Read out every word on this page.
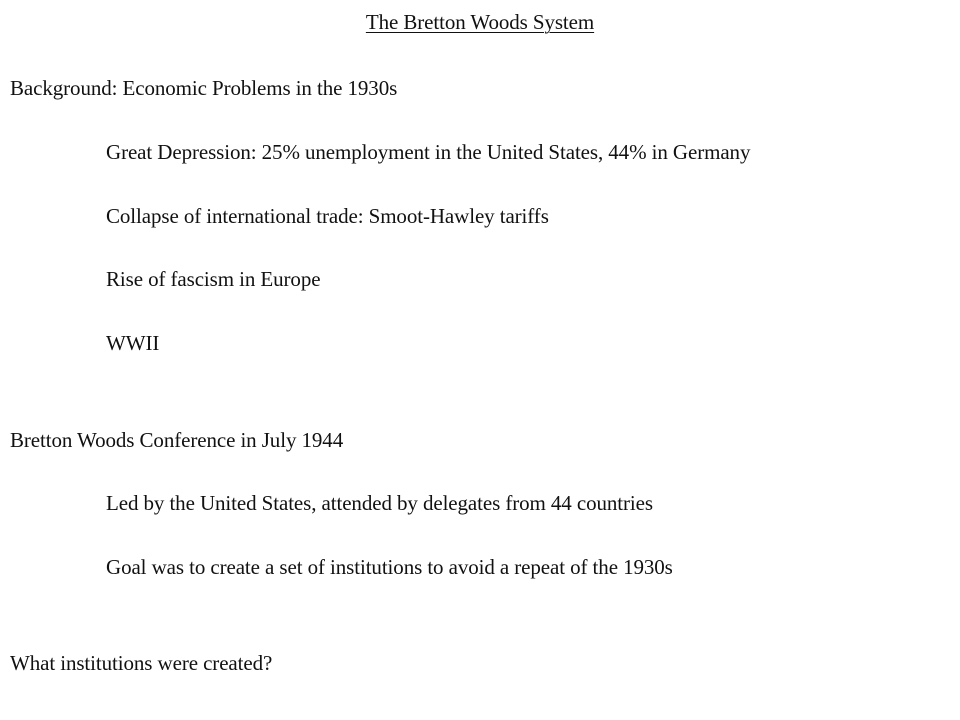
The Bretton Woods System
Background: Economic Problems in the 1930s
Great Depression: 25% unemployment in the United States, 44% in Germany
Collapse of international trade: Smoot-Hawley tariffs
Rise of fascism in Europe
WWII
Bretton Woods Conference in July 1944
Led by the United States, attended by delegates from 44 countries
Goal was to create a set of institutions to avoid a repeat of the 1930s
What institutions were created?
